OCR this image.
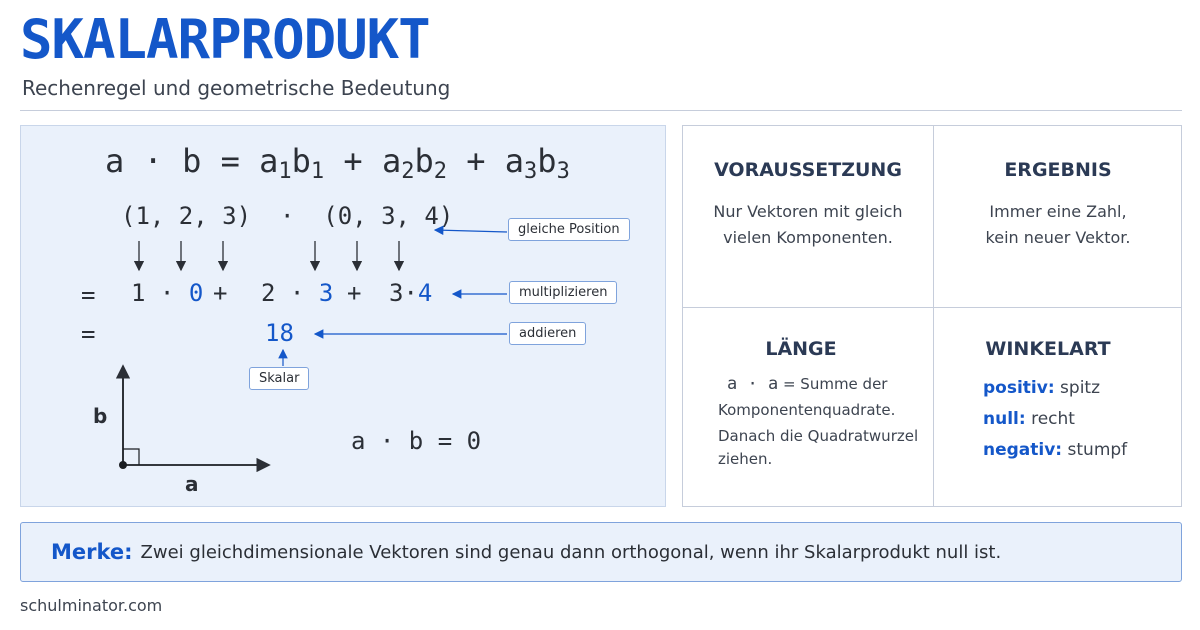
SKALARPRODUKT
Rechenregel und geometrische Bedeutung
$a \cdot b = a_1b_1 + a_2b_2 + a_3b_3$
(1, 2, 3)  ·  (0, 3, 4)
= 1 · 0 + 2 · 3 + 3·4
=	18
gleiche Position
multiplizieren
addieren
Skalar
b
a
a · b = 0
VORAUSSETZUNG
Nur Vektoren mit gleich
vielen Komponenten.
ERGEBNIS
Immer eine Zahl,
kein neuer Vektor.
LÄNGE
a · a = Summe der
Komponentenquadrate.
Danach die Quadratwurzel
ziehen.
WINKELART
positiv: spitz
null: recht
negativ: stumpf
Merke: Zwei gleichdimensionale Vektoren sind genau dann orthogonal, wenn ihr Skalarprodukt null ist.
schulminator.com
